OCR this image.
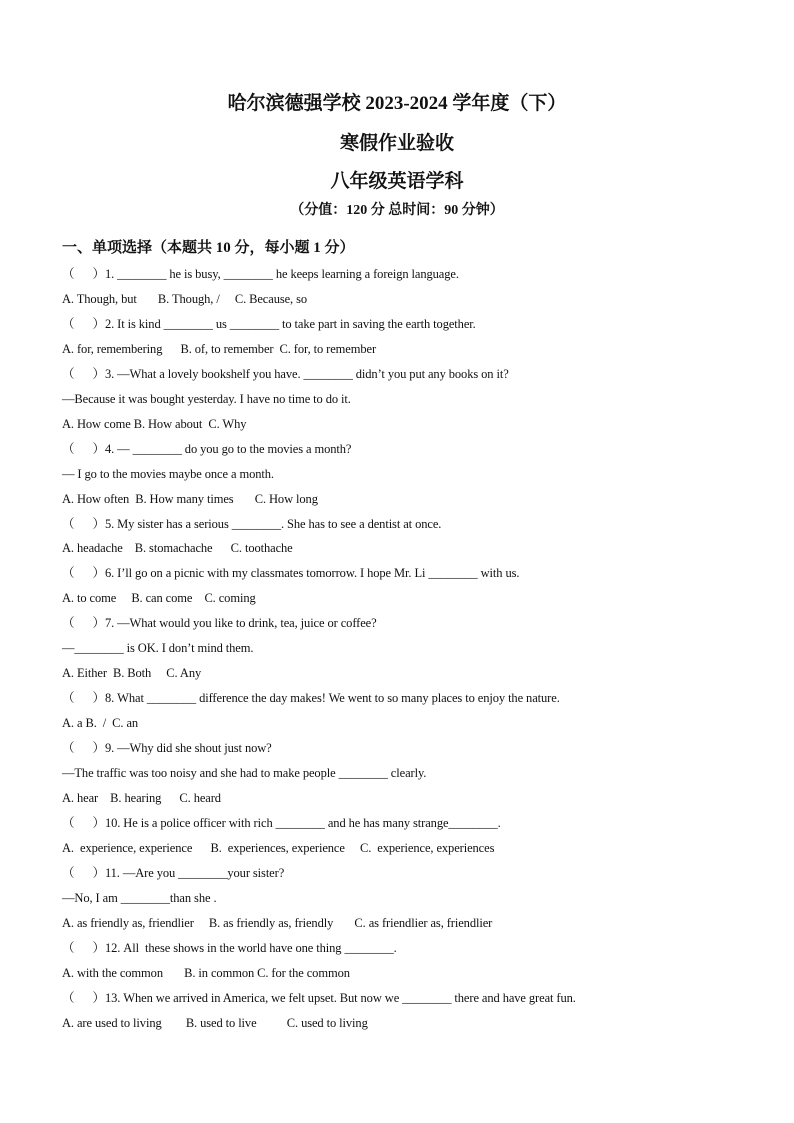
哈尔滨德强学校 2023-2024 学年度（下）
寒假作业验收
八年级英语学科
（分值：120 分 总时间：90 分钟）
一、单项选择（本题共 10 分，每小题 1 分）
（      ）1. ________ he is busy, ________ he keeps learning a foreign language.
A. Though, but       B. Though, /     C. Because, so
（      ）2. It is kind ________ us ________ to take part in saving the earth together.
A. for, remembering      B. of, to remember  C. for, to remember
（      ）3. —What a lovely bookshelf you have. ________ didn’t you put any books on it?
—Because it was bought yesterday. I have no time to do it.
A. How come B. How about  C. Why
（      ）4. — ________ do you go to the movies a month?
— I go to the movies maybe once a month.
A. How often  B. How many times       C. How long
（      ）5. My sister has a serious ________. She has to see a dentist at once.
A. headache    B. stomachache      C. toothache
（      ）6. I’ll go on a picnic with my classmates tomorrow. I hope Mr. Li ________ with us.
A. to come     B. can come    C. coming
（      ）7. —What would you like to drink, tea, juice or coffee?
—________ is OK. I don’t mind them.
A. Either  B. Both     C. Any
（      ）8. What ________ difference the day makes! We went to so many places to enjoy the nature.
A. a B.  /  C. an
（      ）9. —Why did she shout just now?
—The traffic was too noisy and she had to make people ________ clearly.
A. hear    B. hearing      C. heard
（      ）10. He is a police officer with rich ________ and he has many strange________.
A.  experience, experience      B.  experiences, experience     C.  experience, experiences
（      ）11. —Are you ________your sister?
—No, I am ________than she .
A. as friendly as, friendlier     B. as friendly as, friendly       C. as friendlier as, friendlier
（      ）12. All  these shows in the world have one thing ________.
A. with the common       B. in common C. for the common
（      ）13. When we arrived in America, we felt upset. But now we ________ there and have great fun.
A. are used to living        B. used to live          C. used to living
